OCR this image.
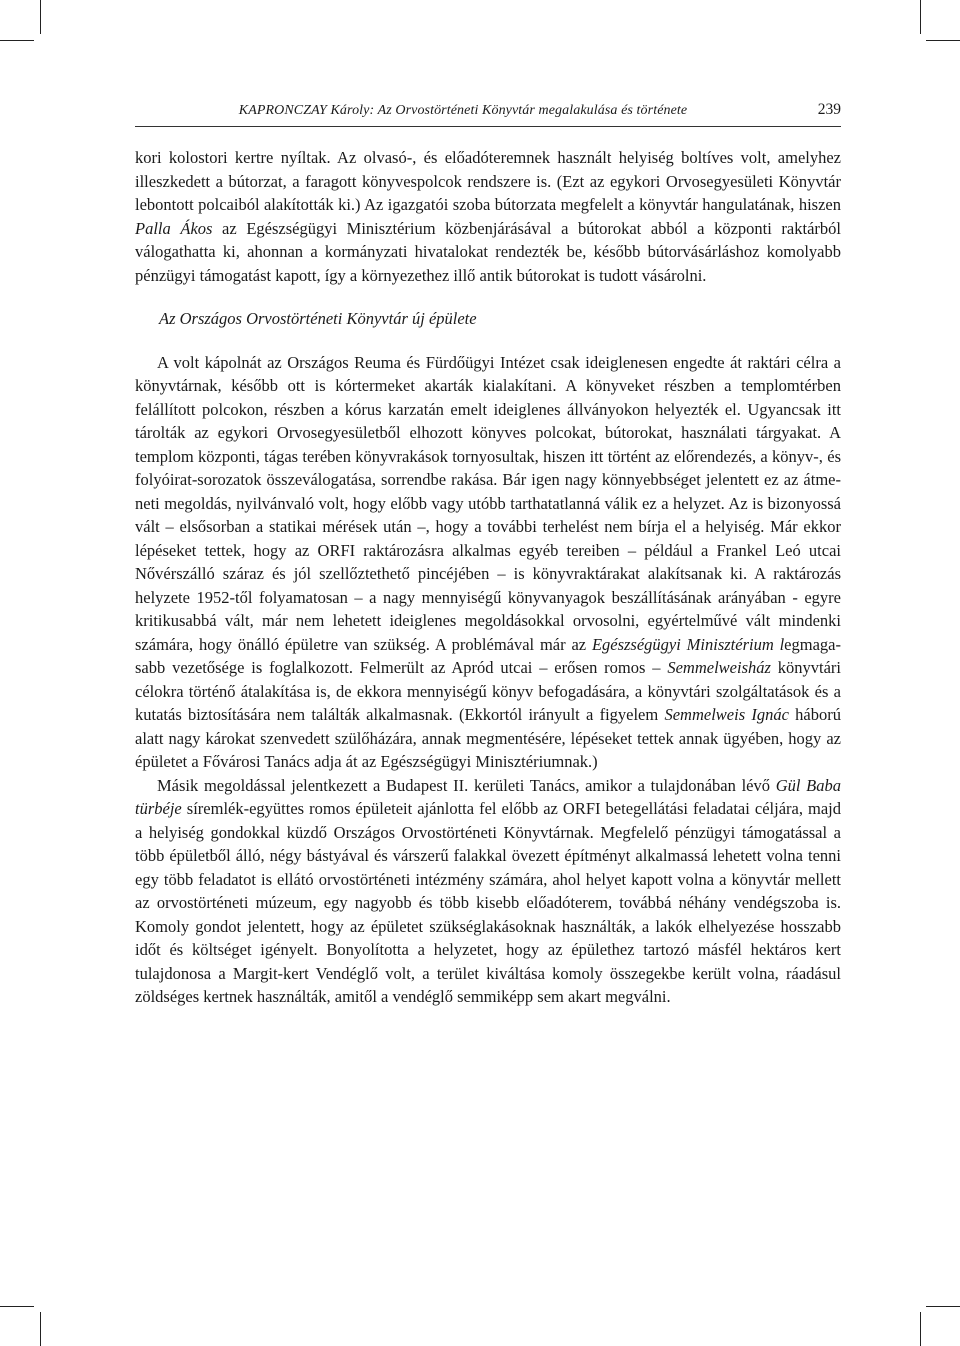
KAPRONCZAY Károly: Az Orvostörténeti Könyvtár megalakulása és története	239

kori kolostori kertre nyíltak. Az olvasó-, és előadóteremnek használt helyiség boltíves volt, amelyhez illeszkedett a bútorzat, a faragott könyvespolcok rendszere is. (Ezt az egykori Orvosegyesületi Könyvtár lebontott polcaiból alakították ki.) Az igazgatói szoba bútorzata megfelelt a könyvtár hangulatának, hiszen Palla Ákos az Egészségügyi Minisztérium közbenjárásával a bútorokat abból a központi raktárból válogathatta ki, ahonnan a kormányzati hivatalokat rendezték be, később bútorvásárláshoz komolyabb pénzügyi támogatást kapott, így a környezethez illő antik bútorokat is tudott vásárolni.

Az Országos Orvostörténeti Könyvtár új épülete

A volt kápolnát az Országos Reuma és Fürdőügyi Intézet csak ideiglenesen engedte át raktári célra a könyvtárnak, később ott is kórtermeket akarták kialakítani. A könyveket részben a templomtérben felállított polcokon, részben a kórus karzatán emelt ideiglenes állványokon helyezték el. Ugyancsak itt tárolták az egykori Orvosegyesületből elhozott könyves polcokat, bútorokat, használati tárgyakat. A templom központi, tágas terében könyvrakások tornyosultak, hiszen itt történt az előrendezés, a könyv-, és folyóirat-sorozatok összeválogatása, sorrendbe rakása. Bár igen nagy könnyebbséget jelentett ez az átmeneti megoldás, nyilvánvaló volt, hogy előbb vagy utóbb tarthatatlanná válik ez a helyzet. Az is bizonyossá vált – elsősorban a statikai mérések után –, hogy a további terhelést nem bírja el a helyiség. Már ekkor lépéseket tettek, hogy az ORFI raktározásra alkalmas egyéb tereiben – például a Frankel Leó utcai Nővérszálló száraz és jól szellőztethető pincéjében – is könyvraktárakat alakítsanak ki. A raktározás helyzete 1952-től folyamatosan – a nagy mennyiségű könyvanyagok beszállításának arányában - egyre kritikusabbá vált, már nem lehetett ideiglenes megoldásokkal orvosolni, egyértelművé vált mindenki számára, hogy önálló épületre van szükség. A problémával már az Egészségügyi Minisztérium legmagasabb vezetősége is foglalkozott. Felmerült az Apród utcai – erősen romos – Semmelweisház könyvtári célokra történő átalakítása is, de ekkora mennyiségű könyv befogadására, a könyvtári szolgáltatások és a kutatás biztosítására nem találták alkalmasnak. (Ekkortól irányult a figyelem Semmelweis Ignác háború alatt nagy károkat szenvedett szülőházára, annak megmentésére, lépéseket tettek annak ügyében, hogy az épületet a Fővárosi Tanács adja át az Egészségügyi Minisztériumnak.)

Másik megoldással jelentkezett a Budapest II. kerületi Tanács, amikor a tulajdonában lévő Gül Baba türbéje síremlék-együttes romos épületeit ajánlotta fel előbb az ORFI betegellátási feladatai céljára, majd a helyiség gondokkal küzdő Országos Orvostörténeti Könyvtárnak. Megfelelő pénzügyi támogatással a több épületből álló, négy bástyával és várszerű falakkal övezett építményt alkalmassá lehetett volna tenni egy több feladatot is ellátó orvostörténeti intézmény számára, ahol helyet kapott volna a könyvtár mellett az orvostörténeti múzeum, egy nagyobb és több kisebb előadóterem, továbbá néhány vendégszoba is. Komoly gondot jelentett, hogy az épületet szükséglakásoknak használták, a lakók elhelyezése hosszabb időt és költséget igényelt. Bonyolította a helyzetet, hogy az épülethez tartozó másfél hektáros kert tulajdonosa a Margit-kert Vendéglő volt, a terület kiváltása komoly összegekbe került volna, ráadásul zöldséges kertnek használták, amitől a vendéglő semmiképp sem akart megválni.
